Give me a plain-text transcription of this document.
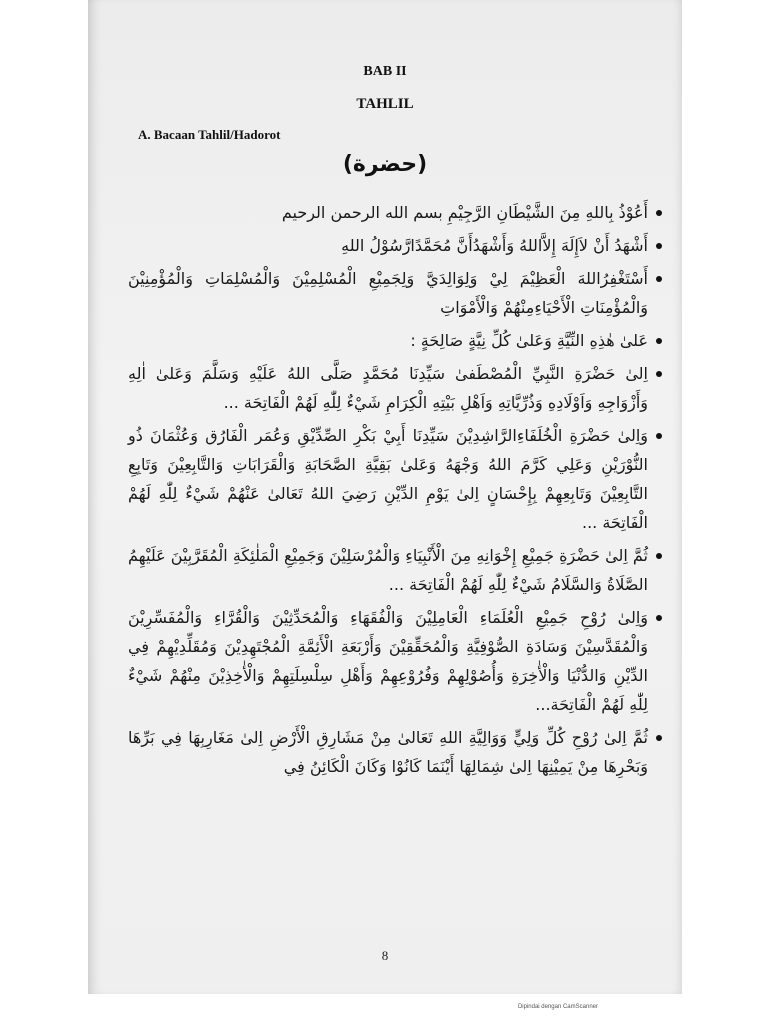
BAB II
TAHLIL
A. Bacaan Tahlil/Hadorot
(حضرة)
أَعُوْذُ بِاللهِ مِنَ الشَّيْطَانِ الرَّجِيْمِ بسم الله الرحمن الرحيم
أَشْهَدُ أَنْ لاَإِلَهَ إِلاَّاللهُ وَأَشْهَدُأَنَّ مُحَمَّدًارَّسُوْلُ اللهِ
أَسْتَغْفِرُاللهَ الْعَظِيْمَ لِيْ وَلِوَالِدَيَّ وَلِجَمِيْعِ الْمُسْلِمِيْنَ وَالْمُسْلِمَاتِ وَالْمُؤْمِنِيْنَ وَالْمُؤْمِنَاتِ الْأَحْيَاءِمِنْهُمْ وَالْأَمْوَاتِ
عَلىٰ هٰذِهِ النِّيَّةِ وَعَلىٰ كُلِّ نِيَّةٍ صَالِحَةٍ :
اِلىٰ حَضْرَةِ النَّبِيِّ الْمُصْطَفىٰ سَيِّدِنَا مُحَمَّدٍ صَلَّى اللهُ عَلَيْهِ وَسَلَّمَ وَعَلىٰ اٰلِهِ وَأَزْوَاجِهِ وَاَوْلَادِهِ وَذُرِّيَّاتِهِ وَاَهْلِ بَيْتِهِ الْكِرَامِ شَيْءٌ لِلّٰهِ لَهُمْ الْفَاتِحَة ...
وَاِلىٰ حَضْرَةِ الْخُلَفَاءِالرَّاشِدِيْنَ سَيِّدِنَا أَبِيْ بَكْرِ الصِّدِّيْقِ وَعُمَر الْفَارُق وَعُثْمَانَ ذُو النُّوْرَيْنِ وَعَلِي كَرَّمَ اللهُ وَجْهَهُ وَعَلىٰ بَقِيَّةِ الصَّحَابَةِ وَالْقَرَابَاتِ وَالتَّابِعِيْنَ وَتَابِعِ التَّابِعِيْنَ وَتَابِعِهِمْ بِإِحْسَانٍ اِلىٰ يَوْمِ الدِّيْنِ رَضِيَ اللهُ تَعَالىٰ عَنْهُمْ شَيْءٌ لِلّٰهِ لَهُمْ الْفَاتِحَة ...
ثُمَّ اِلىٰ حَضْرَةِ جَمِيْعِ إِخْوَانِهِ مِنَ الْأَنْبِيَاءِ وَالْمُرْسَلِيْنَ وَجَمِيْعِ الْمَلٰئِكَةِ الْمُقَرَّبِيْنَ عَلَيْهِمُ الصَّلَاةُ وَالسَّلَامُ شَيْءٌ لِلّٰهِ لَهُمْ الْفَاتِحَة ...
وَاِلىٰ رُوْحِ جَمِيْعِ الْعُلَمَاءِ الْعَامِلِيْنَ وَالْفُقَهَاءِ وَالْمُحَدِّثِيْنَ وَالْقُرَّاءِ وَالْمُفَسِّرِيْنَ وَالْمُقَدَّسِيْنَ وَسَادَةِ الصُّوْفِيَّةِ وَالْمُحَقِّقِيْنَ وَأَرْبَعَةِ الْأَئِمَّةِ الْمُجْتَهِدِيْنَ وَمُقَلِّدِيْهِمْ فِي الدِّيْنِ وَالدُّنْيَا وَالْأٰخِرَةِ وَأُصُوْلِهِمْ وَفُرُوْعِهِمْ وَأَهْلِ سِلْسِلَتِهِمْ وَالْأٰخِذِيْنَ مِنْهُمْ شَيْءٌ لِلّٰهِ لَهُمْ الْفَاتِحَة...
ثُمَّ اِلىٰ رُوْحِ كُلِّ وَلِيٍّ وَوَالِيَّةِ اللهِ تَعَالىٰ مِنْ مَشَارِقِ الْأَرْضِ اِلىٰ مَغَارِبِهَا فِي بَرِّهَا وَبَحْرِهَا مِنْ يَمِيْنِهَا اِلىٰ شِمَالِهَا أَيْنَمَا كَانُوْا وَكَانَ الْكَائِنُ فِي
8
Dipindai dengan CamScanner
